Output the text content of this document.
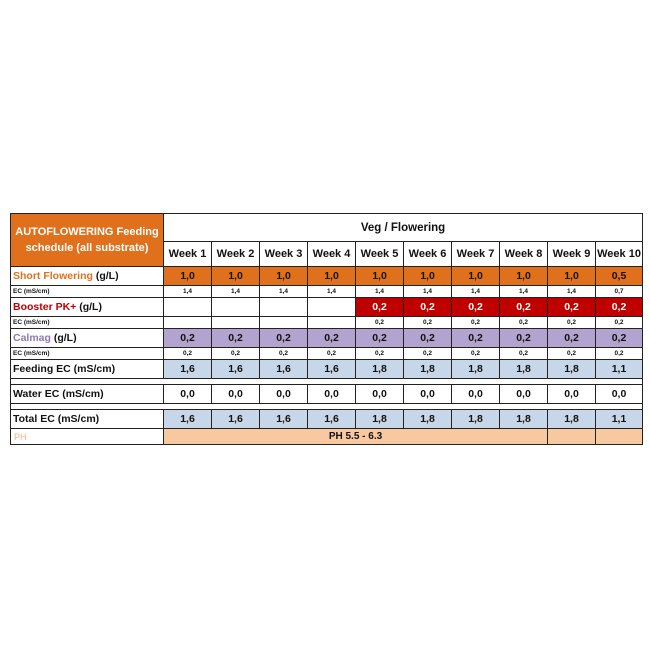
AUTOFLOWERING Feeding schedule (all substrate)	Veg / Flowering									
	Week 1	Week 2	Week 3	Week 4	Week 5	Week 6	Week 7	Week 8	Week 9	Week 10
Short Flowering (g/L)	1,0	1,0	1,0	1,0	1,0	1,0	1,0	1,0	1,0	0,5
EC (mS/cm)	1,4	1,4	1,4	1,4	1,4	1,4	1,4	1,4	1,4	0,7
Booster PK+ (g/L)					0,2	0,2	0,2	0,2	0,2	0,2
EC (mS/cm)					0,2	0,2	0,2	0,2	0,2	0,2
Calmag (g/L)	0,2	0,2	0,2	0,2	0,2	0,2	0,2	0,2	0,2	0,2
EC (mS/cm)	0,2	0,2	0,2	0,2	0,2	0,2	0,2	0,2	0,2	0,2
Feeding EC (mS/cm)	1,6	1,6	1,6	1,6	1,8	1,8	1,8	1,8	1,8	1,1

Water EC (mS/cm)	0,0	0,0	0,0	0,0	0,0	0,0	0,0	0,0	0,0	0,0

Total EC (mS/cm)	1,6	1,6	1,6	1,6	1,8	1,8	1,8	1,8	1,8	1,1
PH	PH 5.5 - 6.3									
